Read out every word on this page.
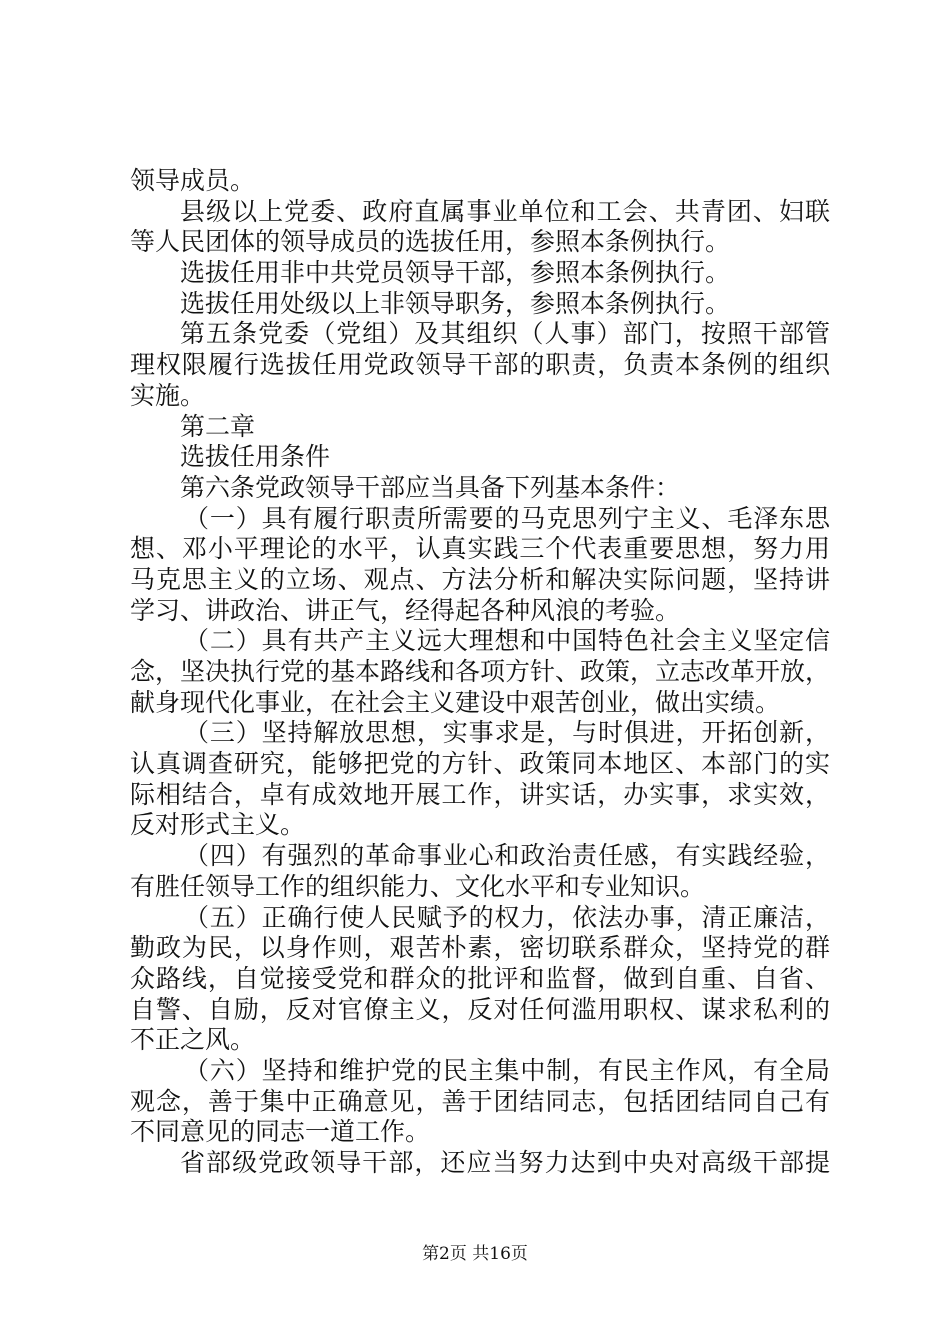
领导成员。
县级以上党委、政府直属事业单位和工会、共青团、妇联
等人民团体的领导成员的选拔任用，参照本条例执行。
选拔任用非中共党员领导干部，参照本条例执行。
选拔任用处级以上非领导职务，参照本条例执行。
第五条党委（党组）及其组织（人事）部门，按照干部管
理权限履行选拔任用党政领导干部的职责，负责本条例的组织
实施。
第二章
选拔任用条件
第六条党政领导干部应当具备下列基本条件：
（一）具有履行职责所需要的马克思列宁主义、毛泽东思
想、邓小平理论的水平，认真实践三个代表重要思想，努力用
马克思主义的立场、观点、方法分析和解决实际问题，坚持讲
学习、讲政治、讲正气，经得起各种风浪的考验。
（二）具有共产主义远大理想和中国特色社会主义坚定信
念，坚决执行党的基本路线和各项方针、政策，立志改革开放，
献身现代化事业，在社会主义建设中艰苦创业，做出实绩。
（三）坚持解放思想，实事求是，与时俱进，开拓创新，
认真调查研究，能够把党的方针、政策同本地区、本部门的实
际相结合，卓有成效地开展工作，讲实话，办实事，求实效，
反对形式主义。
（四）有强烈的革命事业心和政治责任感，有实践经验，
有胜任领导工作的组织能力、文化水平和专业知识。
（五）正确行使人民赋予的权力，依法办事，清正廉洁，
勤政为民，以身作则，艰苦朴素，密切联系群众，坚持党的群
众路线，自觉接受党和群众的批评和监督，做到自重、自省、
自警、自励，反对官僚主义，反对任何滥用职权、谋求私利的
不正之风。
（六）坚持和维护党的民主集中制，有民主作风，有全局
观念，善于集中正确意见，善于团结同志，包括团结同自己有
不同意见的同志一道工作。
省部级党政领导干部，还应当努力达到中央对高级干部提
第2页 共16页
